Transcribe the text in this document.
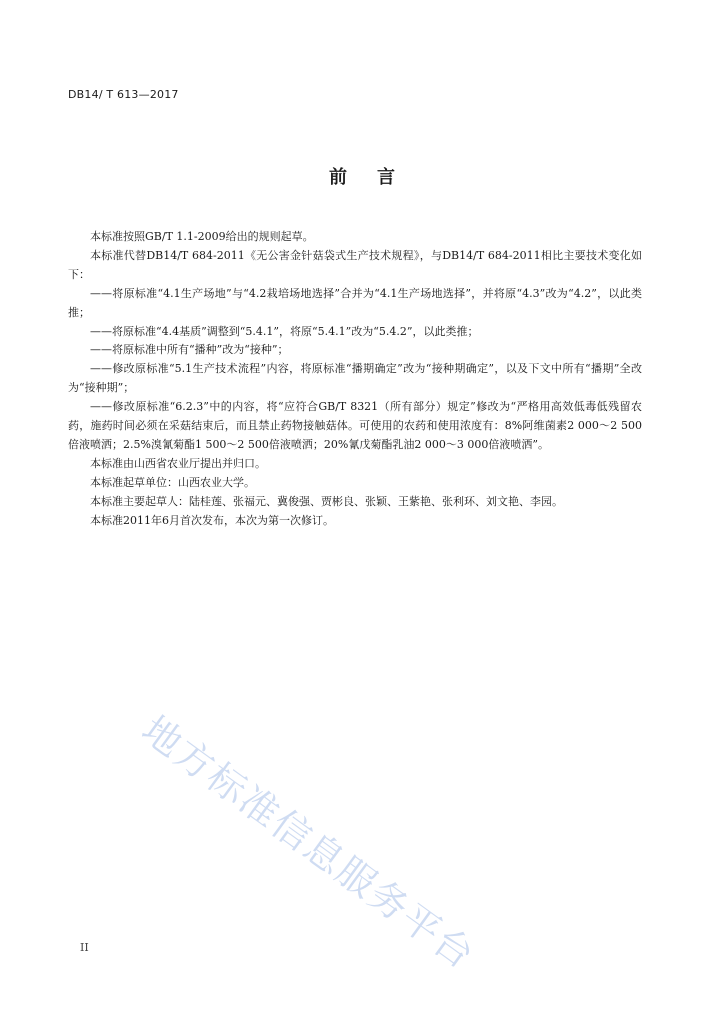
DB14/ T 613—2017
前言

本标准按照GB/T 1.1-2009给出的规则起草。

本标准代替DB14/T 684-2011《无公害金针菇袋式生产技术规程》，与DB14/T 684-2011相比主要技术变化如下：

——将原标准“4.1生产场地”与“4.2栽培场地选择”合并为“4.1生产场地选择”，并将原“4.3”改为“4.2”，以此类推；

——将原标准“4.4基质”调整到“5.4.1”，将原“5.4.1”改为“5.4.2”，以此类推；

——将原标准中所有“播种”改为“接种”；

——修改原标准“5.1生产技术流程”内容，将原标准“播期确定”改为“接种期确定”，以及下文中所有“播期”全改为“接种期”；

——修改原标准“6.2.3”中的内容，将“应符合GB/T 8321（所有部分）规定”修改为“严格用高效低毒低残留农药，施药时间必须在采菇结束后，而且禁止药物接触菇体。可使用的农药和使用浓度有：8%阿维菌素2 000～2 500倍液喷洒；2.5%溴氰菊酯1 500～2 500倍液喷洒；20%氰戊菊酯乳油2 000～3 000倍液喷洒”。

本标准由山西省农业厅提出并归口。

本标准起草单位：山西农业大学。

本标准主要起草人：陆桂莲、张福元、冀俊强、贾彬良、张颖、王紫艳、张利环、刘文艳、李园。

本标准2011年6月首次发布，本次为第一次修订。

地方标准信息服务平台
II
